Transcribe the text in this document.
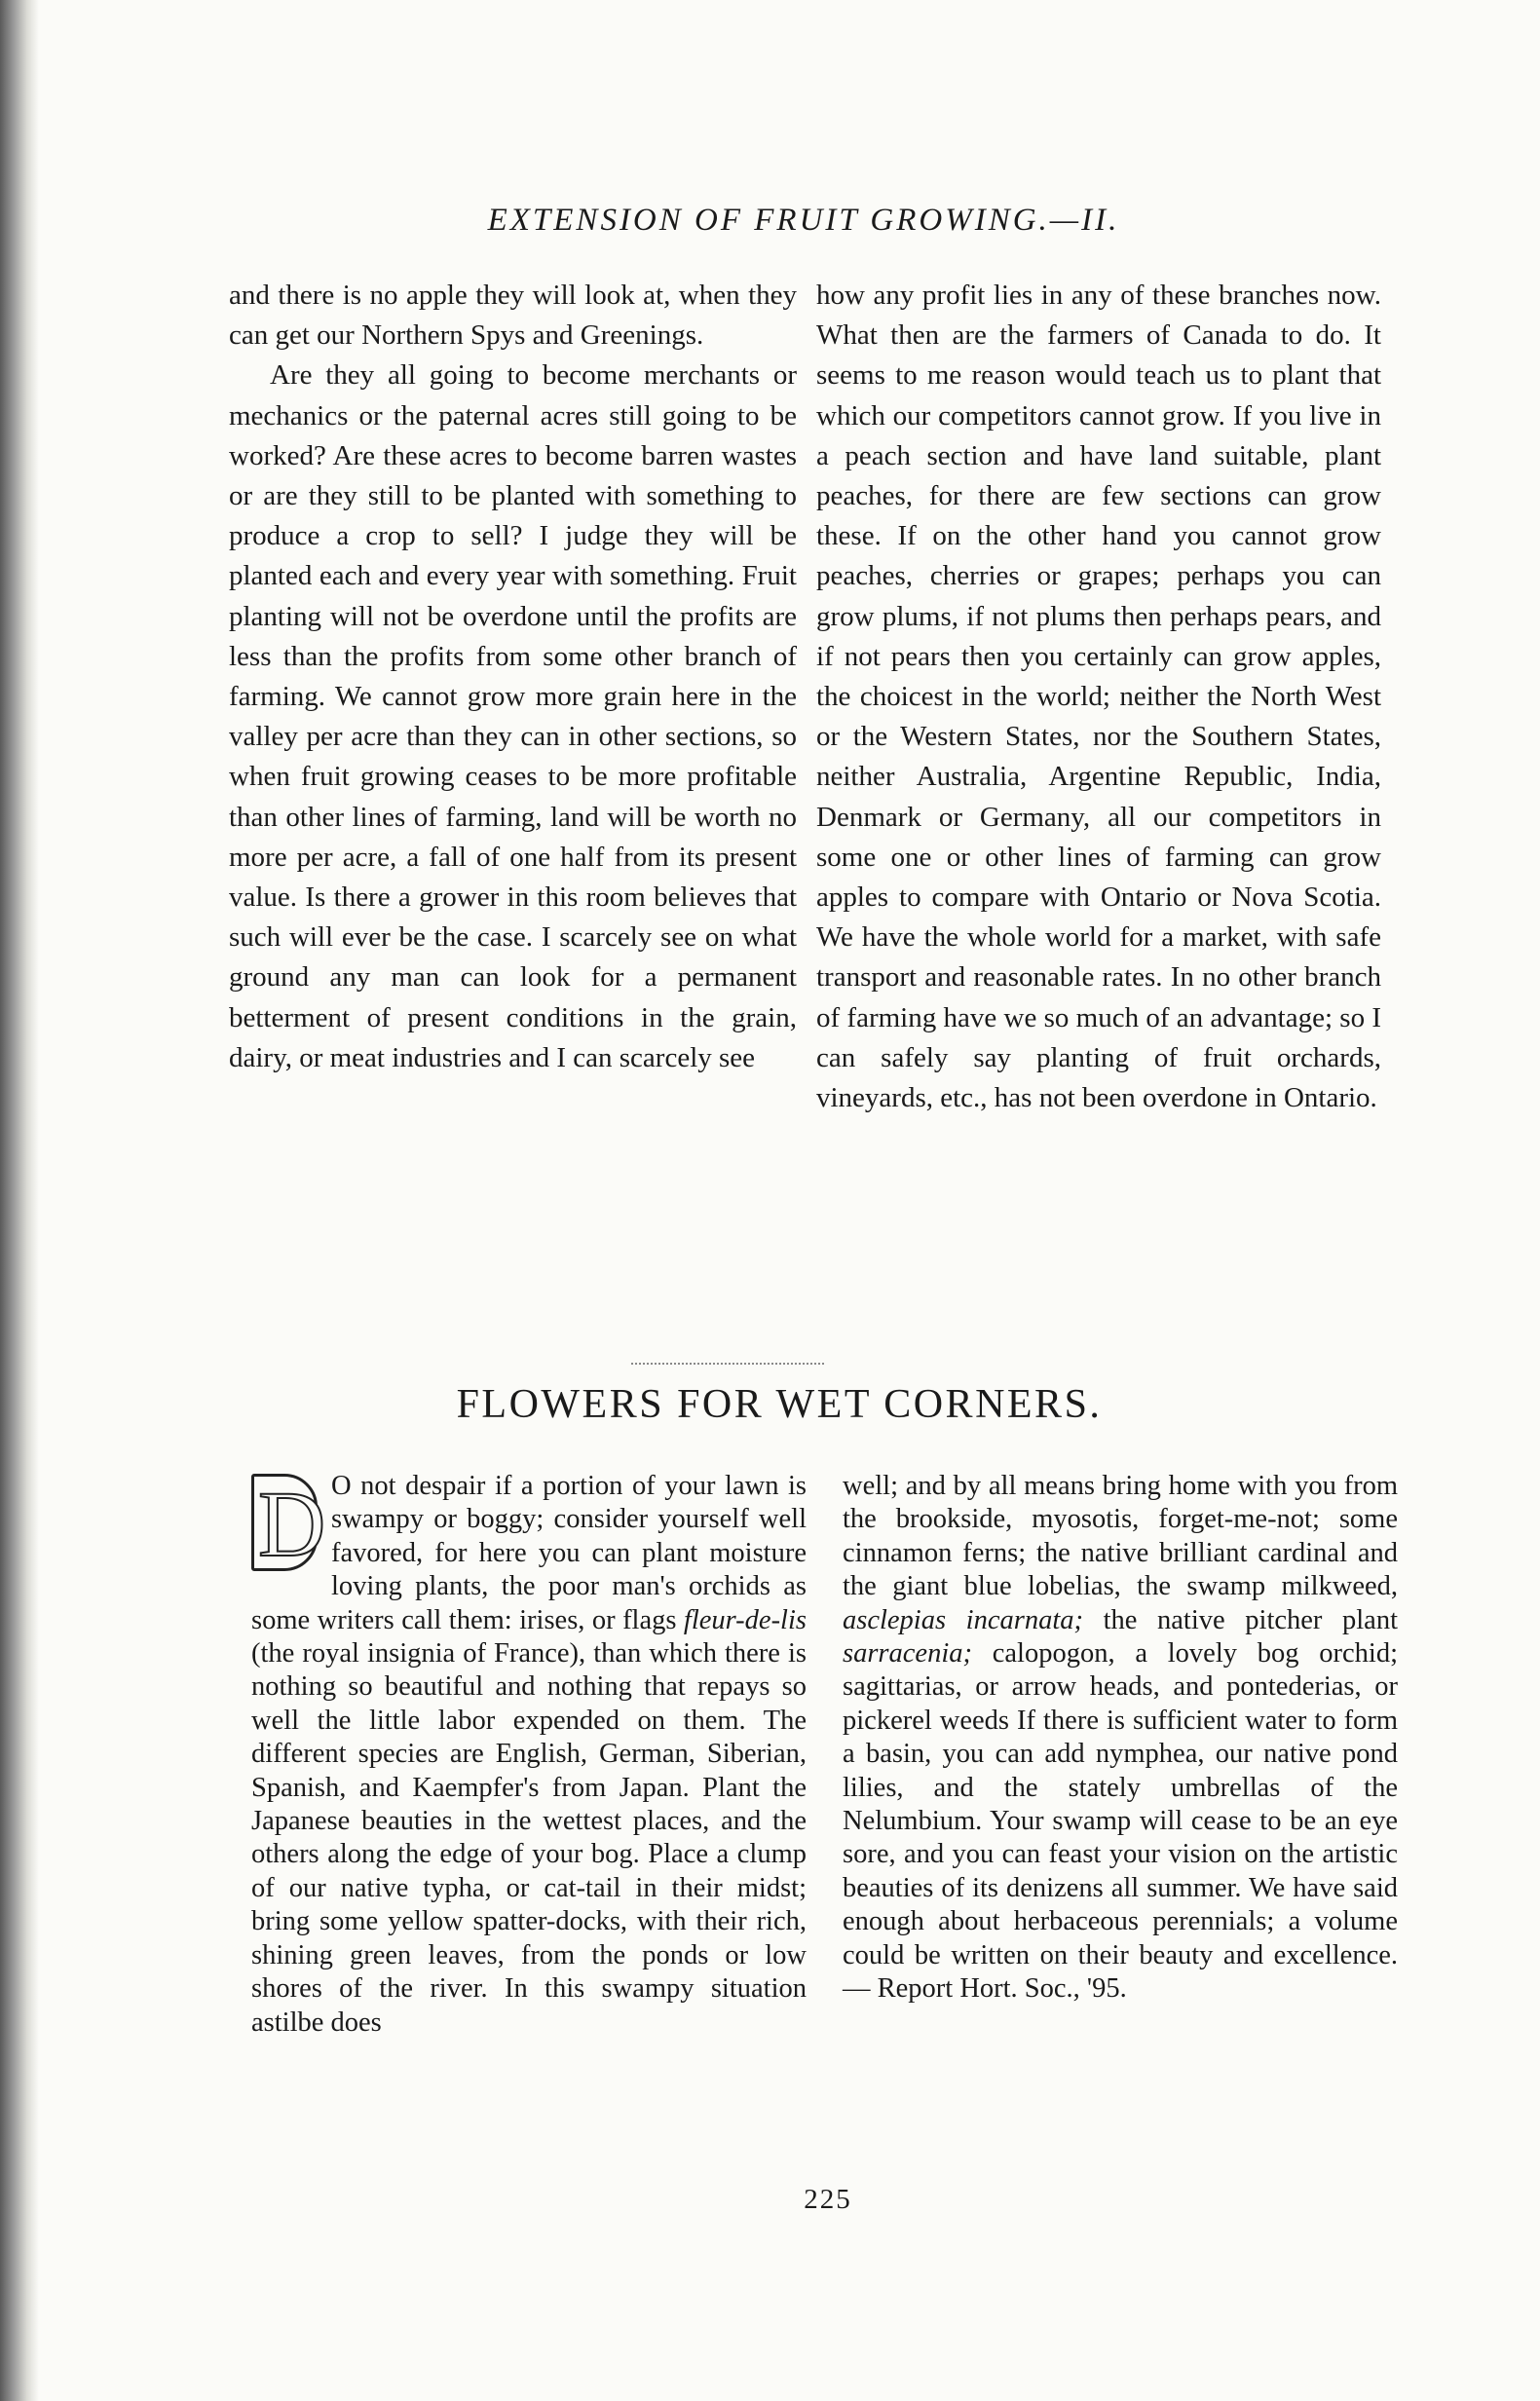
EXTENSION OF FRUIT GROWING.—II.

and there is no apple they will look at, when they can get our Northern Spys and Greenings.

Are they all going to become merchants or mechanics or the paternal acres still going to be worked? Are these acres to become barren wastes or are they still to be planted with something to produce a crop to sell? I judge they will be planted each and every year with something. Fruit planting will not be overdone until the profits are less than the profits from some other branch of farming. We cannot grow more grain here in the valley per acre than they can in other sections, so when fruit growing ceases to be more profitable than other lines of farming, land will be worth no more per acre, a fall of one half from its present value. Is there a grower in this room believes that such will ever be the case. I scarcely see on what ground any man can look for a permanent betterment of present conditions in the grain, dairy, or meat industries and I can scarcely see

how any profit lies in any of these branches now. What then are the farmers of Canada to do. It seems to me reason would teach us to plant that which our competitors cannot grow. If you live in a peach section and have land suitable, plant peaches, for there are few sections can grow these. If on the other hand you cannot grow peaches, cherries or grapes; perhaps you can grow plums, if not plums then perhaps pears, and if not pears then you certainly can grow apples, the choicest in the world; neither the North West or the Western States, nor the Southern States, neither Australia, Argentine Republic, India, Denmark or Germany, all our competitors in some one or other lines of farming can grow apples to compare with Ontario or Nova Scotia. We have the whole world for a market, with safe transport and reasonable rates. In no other branch of farming have we so much of an advantage; so I can safely say planting of fruit orchards, vineyards, etc., has not been overdone in Ontario.

FLOWERS FOR WET CORNERS.

D O not despair if a portion of your lawn is swampy or boggy; consider yourself well favored, for here you can plant moisture loving plants, the poor man's orchids as some writers call them: irises, or flags fleur-de-lis (the royal insignia of France), than which there is nothing so beautiful and nothing that repays so well the little labor expended on them. The different species are English, German, Siberian, Spanish, and Kaempfer's from Japan. Plant the Japanese beauties in the wettest places, and the others along the edge of your bog. Place a clump of our native typha, or cat-tail in their midst; bring some yellow spatter-docks, with their rich, shining green leaves, from the ponds or low shores of the river. In this swampy situation astilbe does

well; and by all means bring home with you from the brookside, myosotis, forget-me-not; some cinnamon ferns; the native brilliant cardinal and the giant blue lobelias, the swamp milkweed, asclepias incarnata; the native pitcher plant sarracenia; calopogon, a lovely bog orchid; sagittarias, or arrow heads, and pontederias, or pickerel weeds If there is sufficient water to form a basin, you can add nymphea, our native pond lilies, and the stately umbrellas of the Nelumbium. Your swamp will cease to be an eye sore, and you can feast your vision on the artistic beauties of its denizens all summer. We have said enough about herbaceous perennials; a volume could be written on their beauty and excellence.— Report Hort. Soc., '95.

225
